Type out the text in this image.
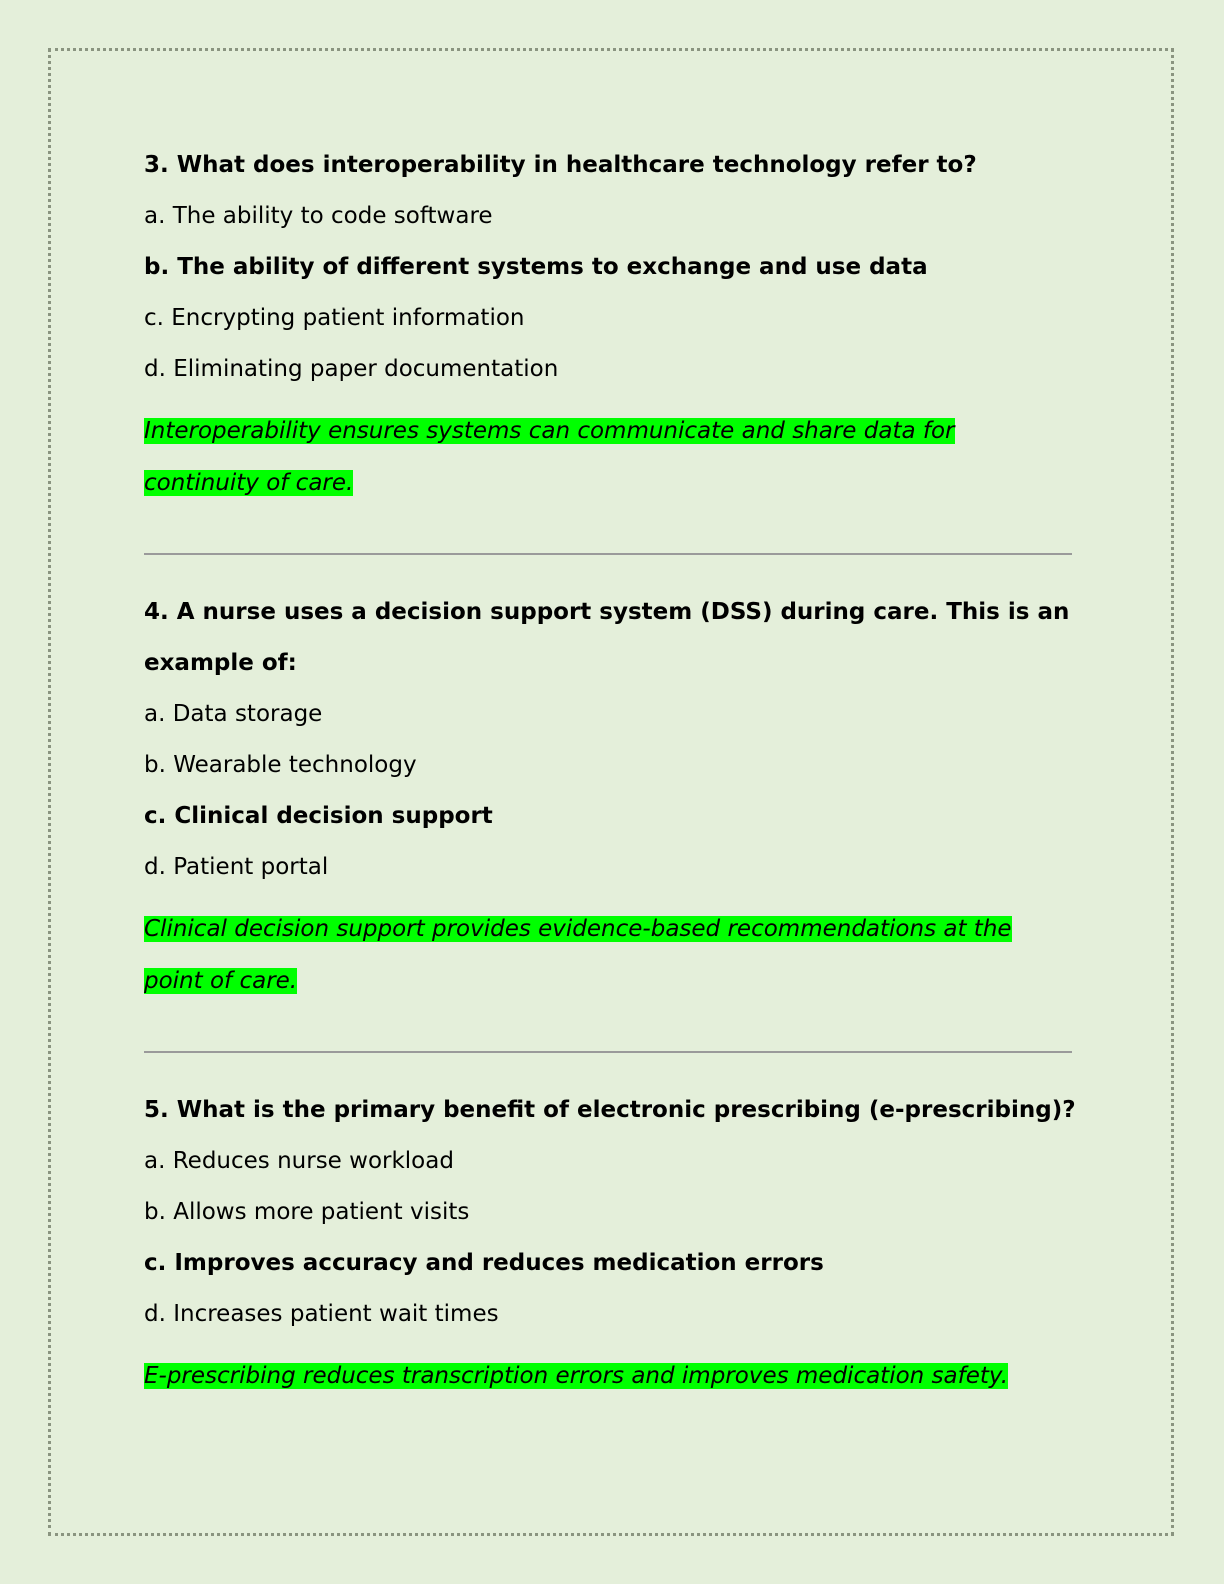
3. What does interoperability in healthcare technology refer to?

a. The ability to code software

b. The ability of different systems to exchange and use data

c. Encrypting patient information

d. Eliminating paper documentation

Interoperability ensures systems can communicate and share data for continuity of care.

4. A nurse uses a decision support system (DSS) during care. This is an example of:

a. Data storage

b. Wearable technology

c. Clinical decision support

d. Patient portal

Clinical decision support provides evidence-based recommendations at the point of care.

5. What is the primary benefit of electronic prescribing (e-prescribing)?

a. Reduces nurse workload

b. Allows more patient visits

c. Improves accuracy and reduces medication errors

d. Increases patient wait times

E-prescribing reduces transcription errors and improves medication safety.
